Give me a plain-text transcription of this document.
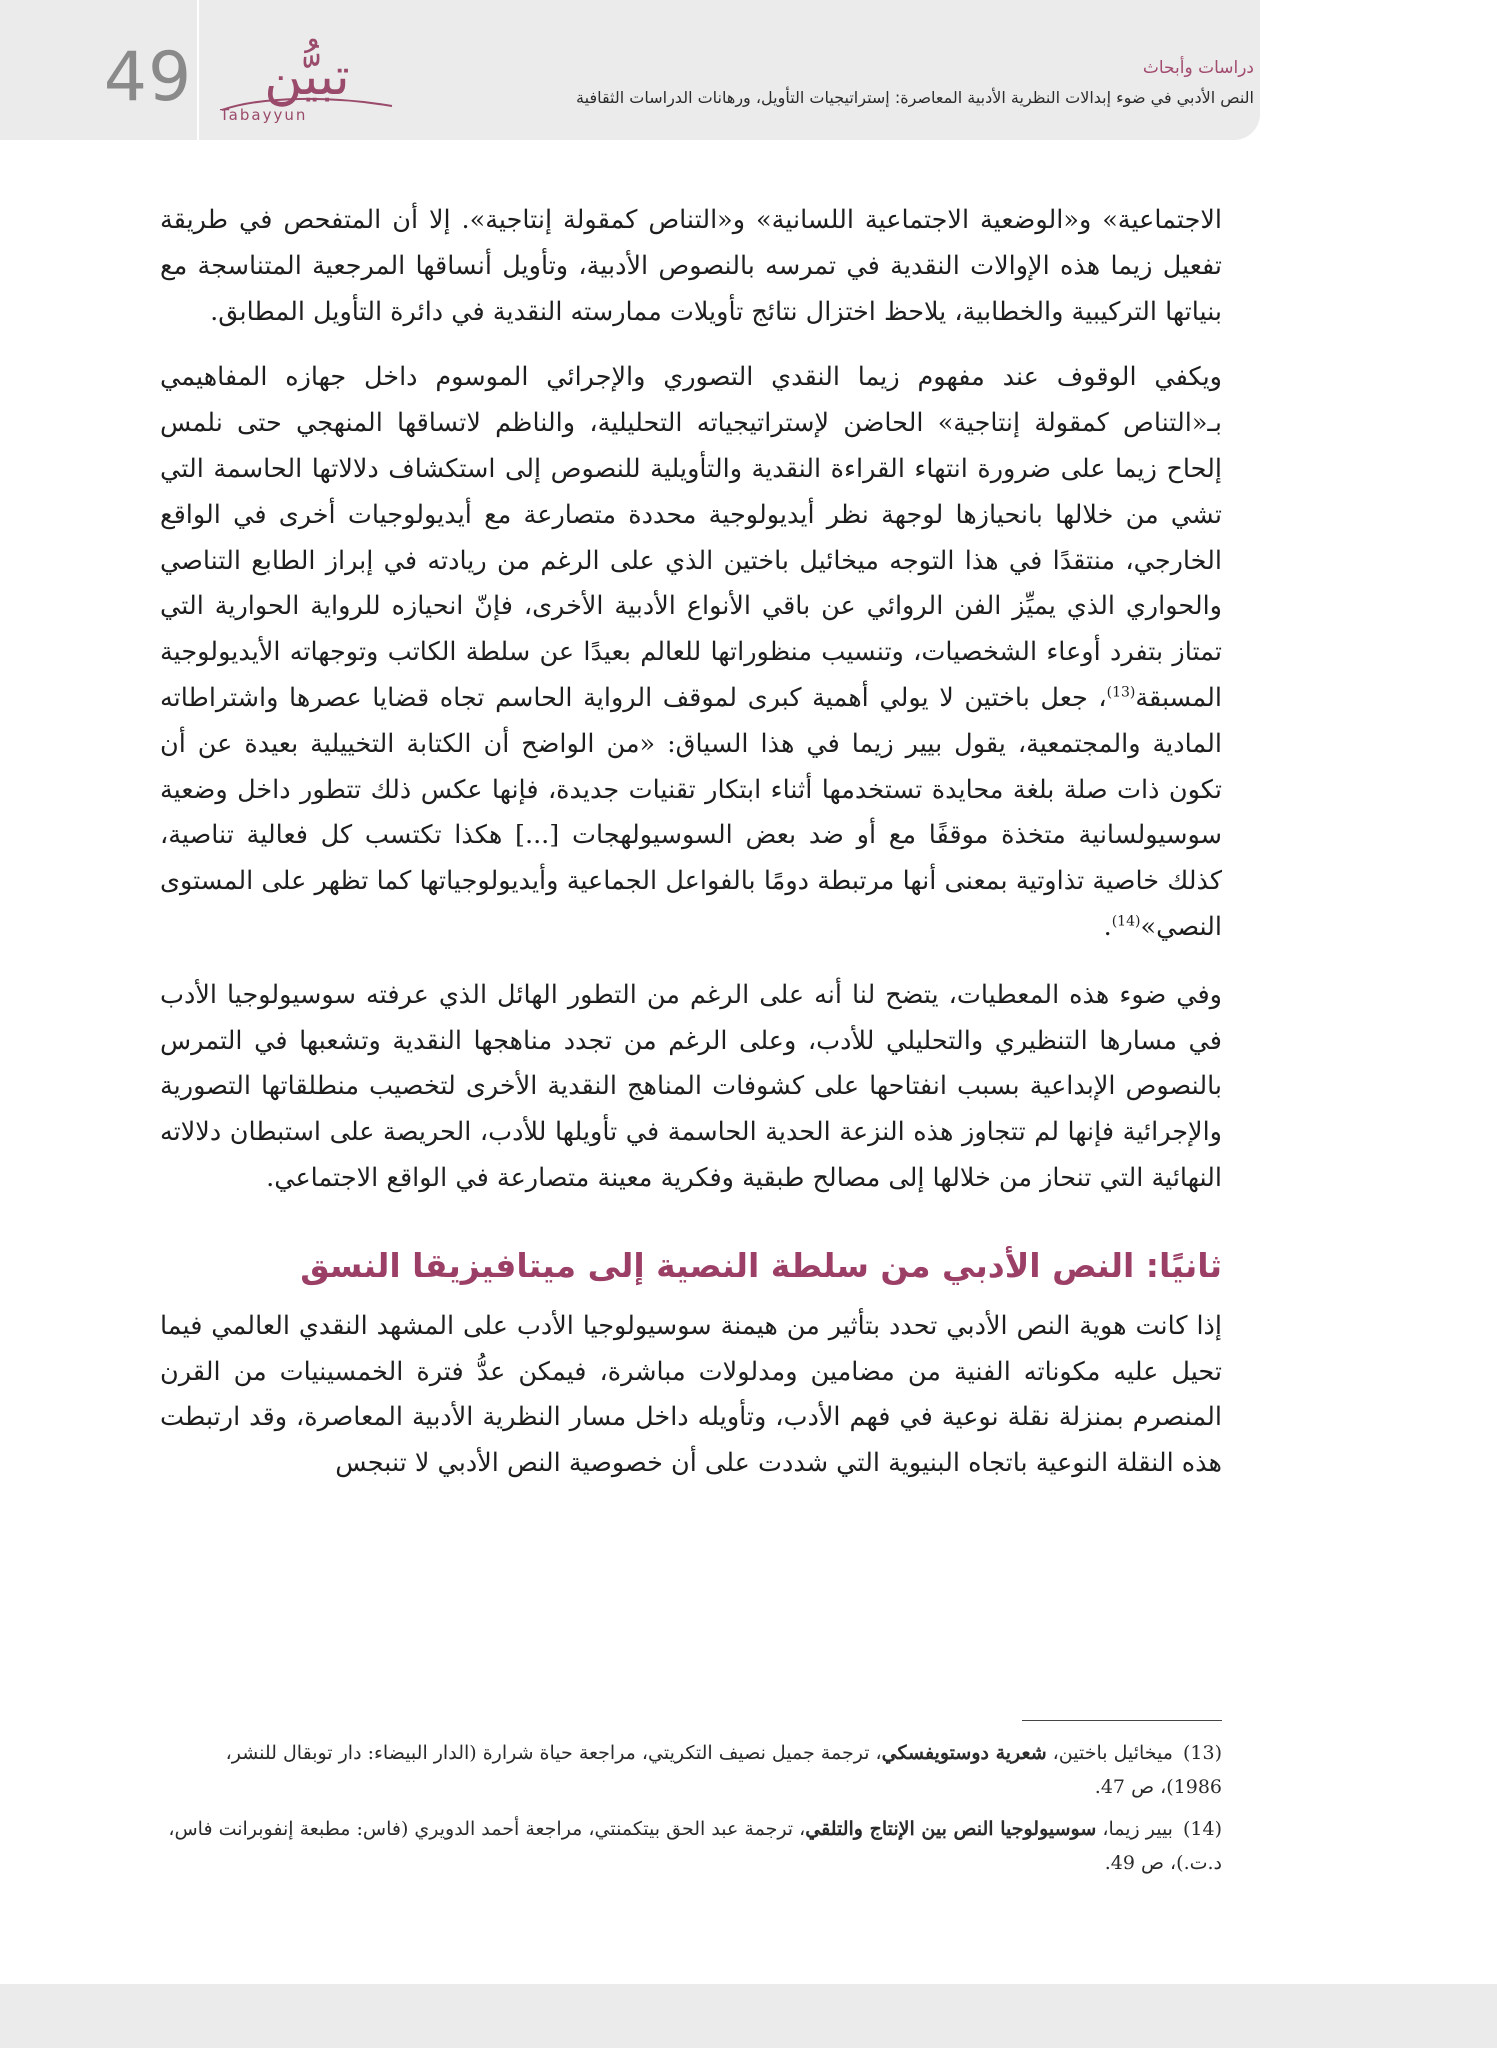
49 تبيُّن
Tabayyun
دراسات وأبحاث
النص الأدبي في ضوء إبدالات النظرية الأدبية المعاصرة: إستراتيجيات التأويل، ورهانات الدراسات الثقافية

الاجتماعية» و«الوضعية الاجتماعية اللسانية» و«التناص كمقولة إنتاجية». إلا أن المتفحص في طريقة تفعيل زيما هذه الإوالات النقدية في تمرسه بالنصوص الأدبية، وتأويل أنساقها المرجعية المتناسجة مع بنياتها التركيبية والخطابية، يلاحظ اختزال نتائج تأويلات ممارسته النقدية في دائرة التأويل المطابق.

ويكفي الوقوف عند مفهوم زيما النقدي التصوري والإجرائي الموسوم داخل جهازه المفاهيمي بـ«التناص كمقولة إنتاجية» الحاضن لإستراتيجياته التحليلية، والناظم لاتساقها المنهجي حتى نلمس إلحاح زيما على ضرورة انتهاء القراءة النقدية والتأويلية للنصوص إلى استكشاف دلالاتها الحاسمة التي تشي من خلالها بانحيازها لوجهة نظر أيديولوجية محددة متصارعة مع أيديولوجيات أخرى في الواقع الخارجي، منتقدًا في هذا التوجه ميخائيل باختين الذي على الرغم من ريادته في إبراز الطابع التناصي والحواري الذي يميِّز الفن الروائي عن باقي الأنواع الأدبية الأخرى، فإنّ انحيازه للرواية الحوارية التي تمتاز بتفرد أوعاء الشخصيات، وتنسيب منظوراتها للعالم بعيدًا عن سلطة الكاتب وتوجهاته الأيديولوجية المسبقة$^{(13)}$، جعل باختين لا يولي أهمية كبرى لموقف الرواية الحاسم تجاه قضايا عصرها واشتراطاته المادية والمجتمعية، يقول بيير زيما في هذا السياق: «من الواضح أن الكتابة التخييلية بعيدة عن أن تكون ذات صلة بلغة محايدة تستخدمها أثناء ابتكار تقنيات جديدة، فإنها عكس ذلك تتطور داخل وضعية سوسيولسانية متخذة موقفًا مع أو ضد بعض السوسيولهجات [...] هكذا تكتسب كل فعالية تناصية، كذلك خاصية تذاوتية بمعنى أنها مرتبطة دومًا بالفواعل الجماعية وأيديولوجياتها كما تظهر على المستوى النصي»$^{(14)}$.

وفي ضوء هذه المعطيات، يتضح لنا أنه على الرغم من التطور الهائل الذي عرفته سوسيولوجيا الأدب في مسارها التنظيري والتحليلي للأدب، وعلى الرغم من تجدد مناهجها النقدية وتشعبها في التمرس بالنصوص الإبداعية بسبب انفتاحها على كشوفات المناهج النقدية الأخرى لتخصيب منطلقاتها التصورية والإجرائية فإنها لم تتجاوز هذه النزعة الحدية الحاسمة في تأويلها للأدب، الحريصة على استبطان دلالاته النهائية التي تنحاز من خلالها إلى مصالح طبقية وفكرية معينة متصارعة في الواقع الاجتماعي.

ثانيًا: النص الأدبي من سلطة النصية إلى ميتافيزيقا النسق

إذا كانت هوية النص الأدبي تحدد بتأثير من هيمنة سوسيولوجيا الأدب على المشهد النقدي العالمي فيما تحيل عليه مكوناته الفنية من مضامين ومدلولات مباشرة، فيمكن عدُّ فترة الخمسينيات من القرن المنصرم بمنزلة نقلة نوعية في فهم الأدب، وتأويله داخل مسار النظرية الأدبية المعاصرة، وقد ارتبطت هذه النقلة النوعية باتجاه البنيوية التي شددت على أن خصوصية النص الأدبي لا تنبجس

(13)ميخائيل باختين، شعرية دوستويفسكي، ترجمة جميل نصيف التكريتي، مراجعة حياة شرارة (الدار البيضاء: دار توبقال للنشر، 1986)، ص 47.

(14)بيير زيما، سوسيولوجيا النص بين الإنتاج والتلقي، ترجمة عبد الحق بيتكمنتي، مراجعة أحمد الدويري (فاس: مطبعة إنفوبرانت فاس، د.ت.)، ص 49.
